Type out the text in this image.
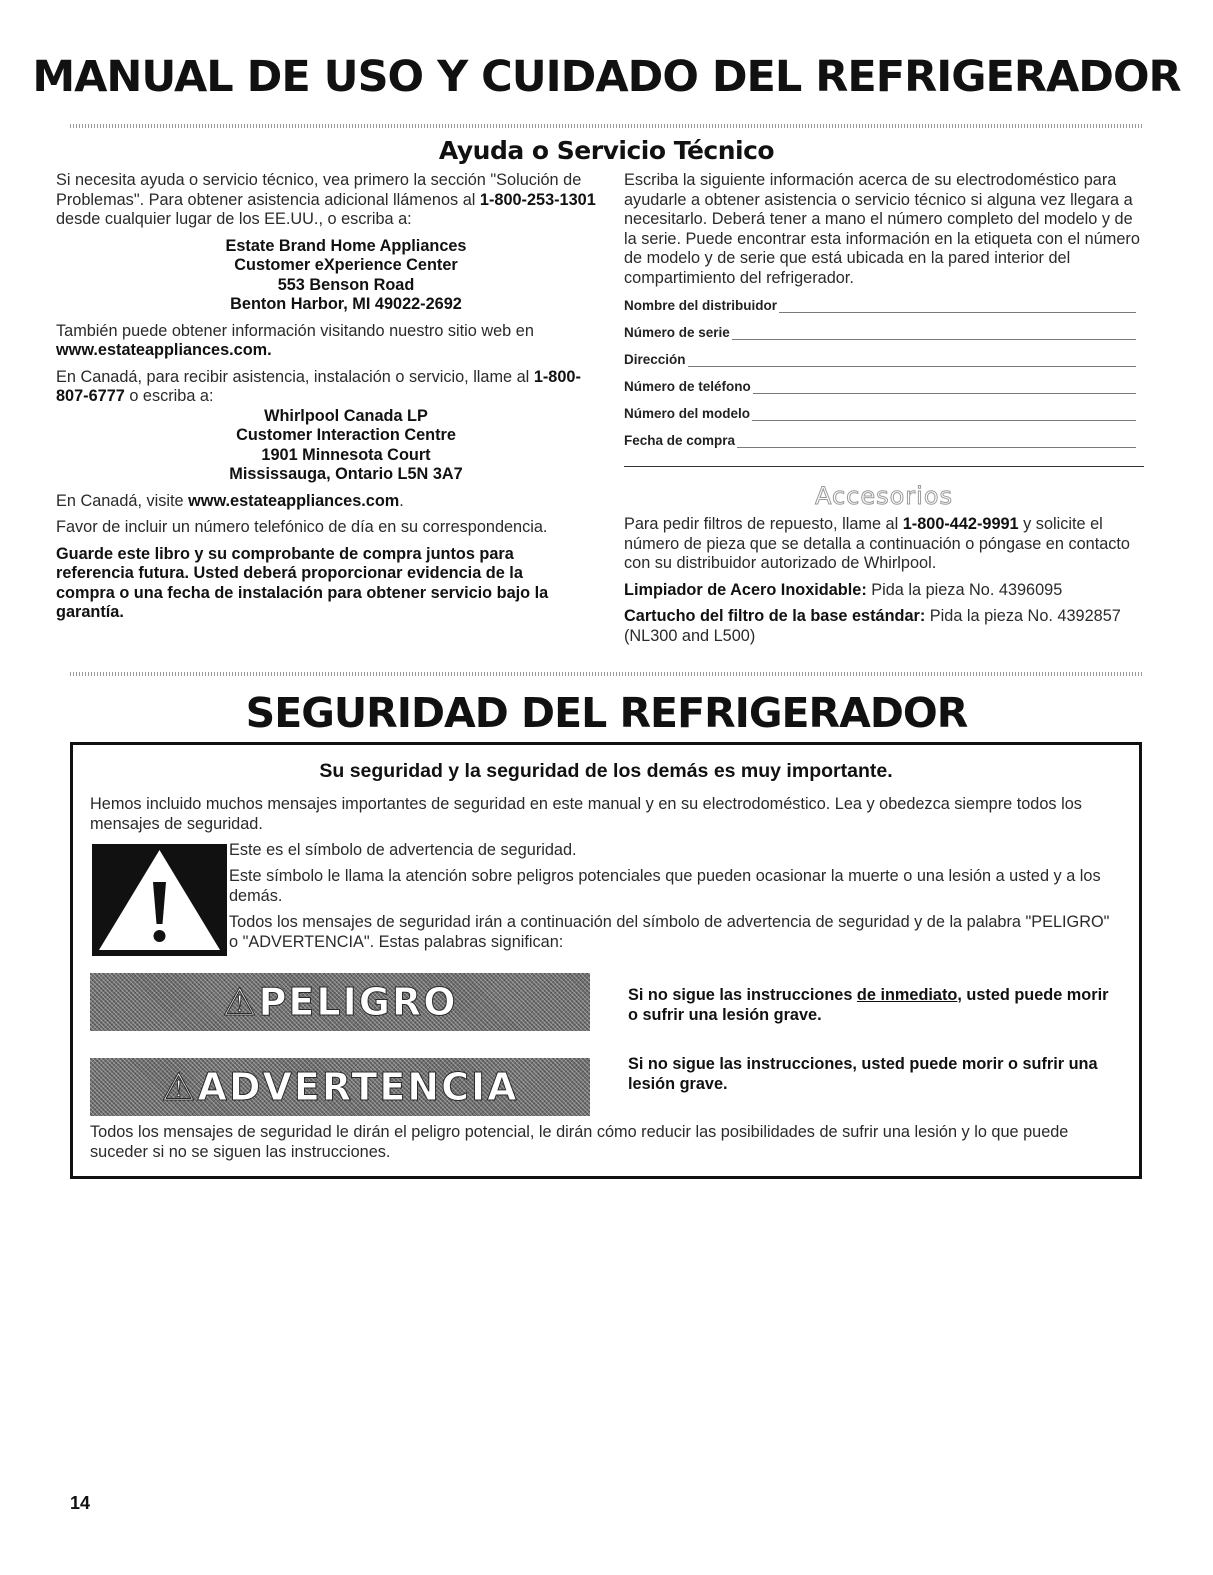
MANUAL DE USO Y CUIDADO DEL REFRIGERADOR
Ayuda o Servicio Técnico

Si necesita ayuda o servicio técnico, vea primero la sección "Solución de Problemas". Para obtener asistencia adicional llámenos al 1-800-253-1301 desde cualquier lugar de los EE.UU., o escriba a:

Estate Brand Home Appliances

Customer eXperience Center

553 Benson Road

Benton Harbor, MI 49022-2692

También puede obtener información visitando nuestro sitio web en www.estateappliances.com.

En Canadá, para recibir asistencia, instalación o servicio, llame al 1-800-807-6777 o escriba a:

Whirlpool Canada LP

Customer Interaction Centre

1901 Minnesota Court

Mississauga, Ontario L5N 3A7

En Canadá, visite www.estateappliances.com.

Favor de incluir un número telefónico de día en su correspondencia.

Guarde este libro y su comprobante de compra juntos para referencia futura. Usted deberá proporcionar evidencia de la compra o una fecha de instalación para obtener servicio bajo la garantía.

Escriba la siguiente información acerca de su electrodoméstico para ayudarle a obtener asistencia o servicio técnico si alguna vez llegara a necesitarlo. Deberá tener a mano el número completo del modelo y de la serie. Puede encontrar esta información en la etiqueta con el número de modelo y de serie que está ubicada en la pared interior del compartimiento del refrigerador.

Nombre del distribuidor
Número de serie
Dirección
Número de teléfono
Número del modelo
Fecha de compra
Accesorios

Para pedir filtros de repuesto, llame al 1-800-442-9991 y solicite el número de pieza que se detalla a continuación o póngase en contacto con su distribuidor autorizado de Whirlpool.

Limpiador de Acero Inoxidable: Pida la pieza No. 4396095

Cartucho del filtro de la base estándar: Pida la pieza No. 4392857 (NL300 and L500)

SEGURIDAD DEL REFRIGERADOR
Su seguridad y la seguridad de los demás es muy importante.

Hemos incluido muchos mensajes importantes de seguridad en este manual y en su electrodoméstico. Lea y obedezca siempre todos los mensajes de seguridad.

Este es el símbolo de advertencia de seguridad.

Este símbolo le llama la atención sobre peligros potenciales que pueden ocasionar la muerte o una lesión a usted y a los demás.

Todos los mensajes de seguridad irán a continuación del símbolo de advertencia de seguridad y de la palabra "PELIGRO" o "ADVERTENCIA". Estas palabras significan:

⚠PELIGRO	Si no sigue las instrucciones de inmediato, usted puede morir o sufrir una lesión grave.
⚠ADVERTENCIA
Si no sigue las instrucciones, usted puede morir o sufrir una lesión grave.

Todos los mensajes de seguridad le dirán el peligro potencial, le dirán cómo reducir las posibilidades de sufrir una lesión y lo que puede suceder si no se siguen las instrucciones.

14
